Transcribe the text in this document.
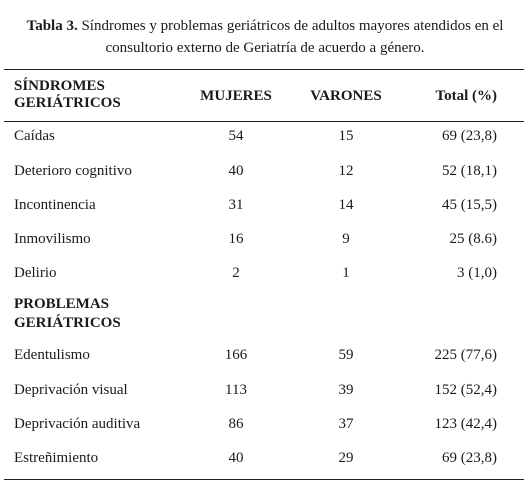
Tabla 3. Síndromes y problemas geriátricos de adultos mayores atendidos en el
consultorio externo de Geriatría de acuerdo a género.
SÍNDROMES
GERIÁTRICOS	MUJERES	VARONES	Total (%)
Caídas	54	15	69 (23,8)
Deterioro cognitivo	40	12	52 (18,1)
Incontinencia	31	14	45 (15,5)
Inmovilismo	16	9	25 (8.6)
Delirio	2	1	3 (1,0)
PROBLEMAS
GERIÁTRICOS
Edentulismo	166	59	225 (77,6)
Deprivación visual	113	39	152 (52,4)
Deprivación auditiva	86	37	123 (42,4)
Estreñimiento	40	29	69 (23,8)
